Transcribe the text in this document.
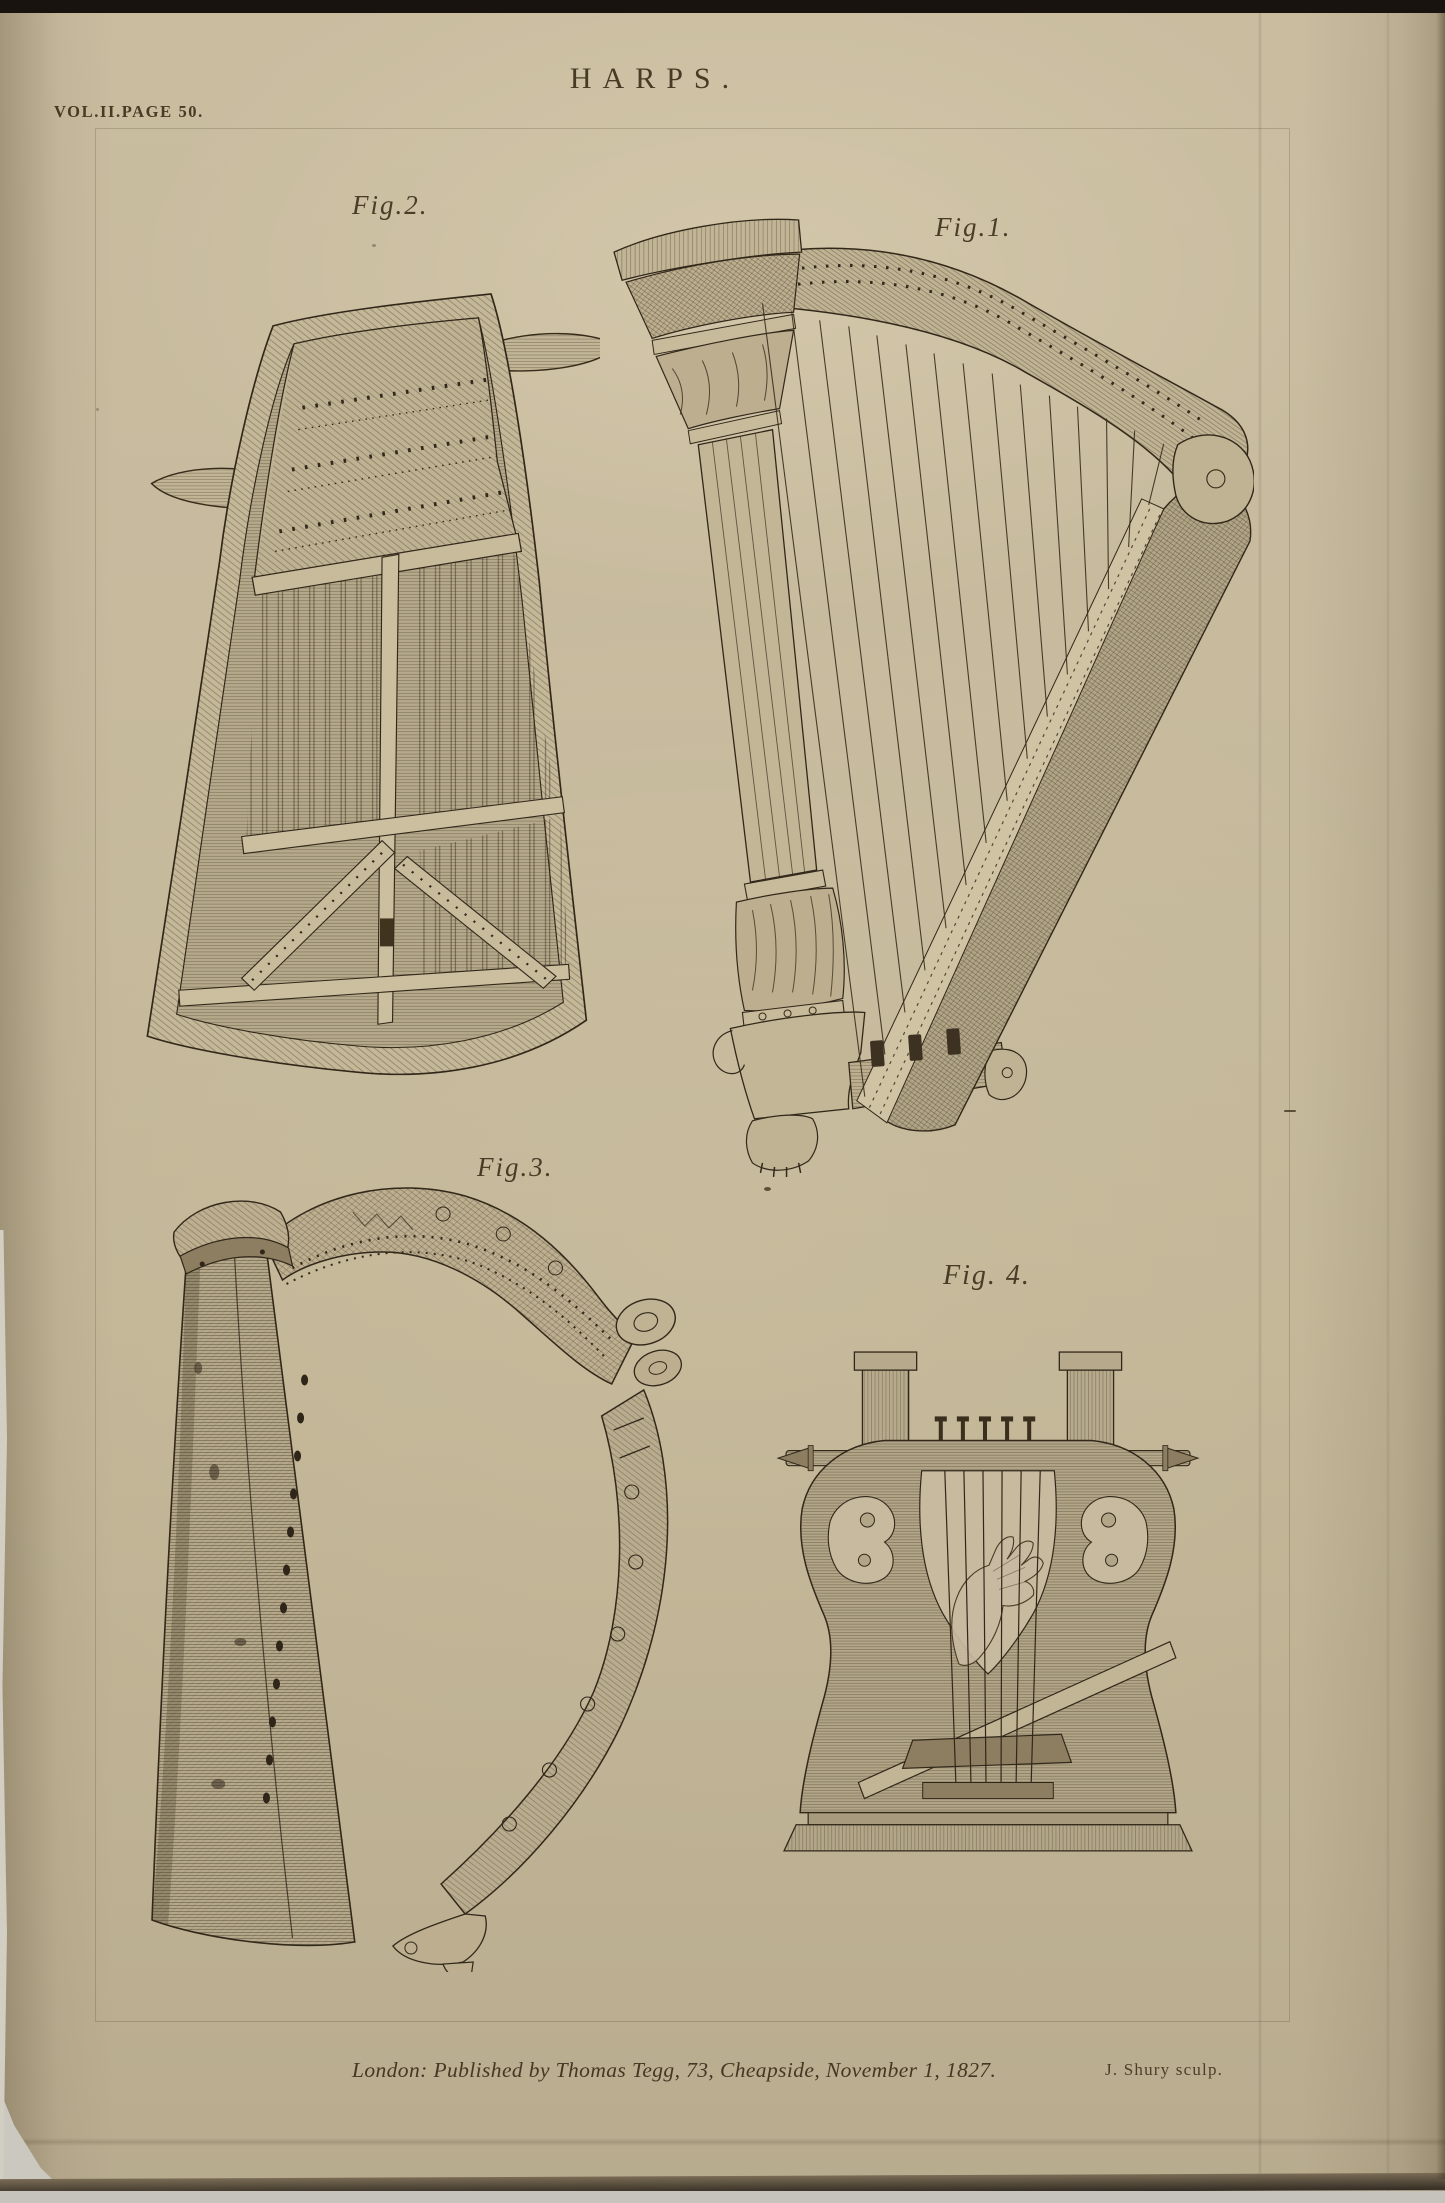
VOL.II.PAGE 50.
HARPS.
Fig.2.
Fig.1.
Fig.3.
Fig. 4.
London: Published by Thomas Tegg, 73, Cheapside, November 1, 1827.	J. Shury sculp.
